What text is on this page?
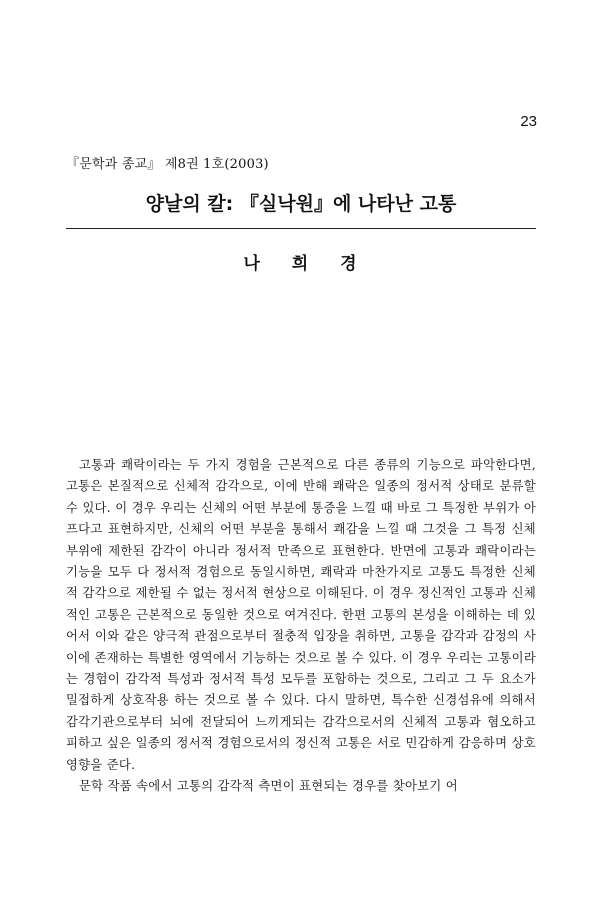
23
『문학과 종교』 제8권 1호(2003)
양날의 칼: 『실낙원』에 나타난 고통
나 희 경

고통과 쾌락이라는 두 가지 경험을 근본적으로 다른 종류의 기능으로 파악한다면, 고통은 본질적으로 신체적 감각으로, 이에 반해 쾌락은 일종의 정서적 상태로 분류할 수 있다. 이 경우 우리는 신체의 어떤 부분에 통증을 느낄 때 바로 그 특정한 부위가 아프다고 표현하지만, 신체의 어떤 부분을 통해서 쾌감을 느낄 때 그것을 그 특정 신체 부위에 제한된 감각이 아니라 정서적 만족으로 표현한다. 반면에 고통과 쾌락이라는 기능을 모두 다 정서적 경험으로 동일시하면, 쾌락과 마찬가지로 고통도 특정한 신체적 감각으로 제한될 수 없는 정서적 현상으로 이해된다. 이 경우 정신적인 고통과 신체적인 고통은 근본적으로 동일한 것으로 여겨진다. 한편 고통의 본성을 이해하는 데 있어서 이와 같은 양극적 관점으로부터 절충적 입장을 취하면, 고통을 감각과 감정의 사이에 존재하는 특별한 영역에서 기능하는 것으로 볼 수 있다. 이 경우 우리는 고통이라는 경험이 감각적 특성과 정서적 특성 모두를 포함하는 것으로, 그리고 그 두 요소가 밀접하게 상호작용 하는 것으로 볼 수 있다. 다시 말하면, 특수한 신경섬유에 의해서 감각기관으로부터 뇌에 전달되어 느끼게되는 감각으로서의 신체적 고통과 혐오하고 피하고 싶은 일종의 정서적 경험으로서의 정신적 고통은 서로 민감하게 감응하며 상호 영향을 준다.

문학 작품 속에서 고통의 감각적 측면이 표현되는 경우를 찾아보기 어
